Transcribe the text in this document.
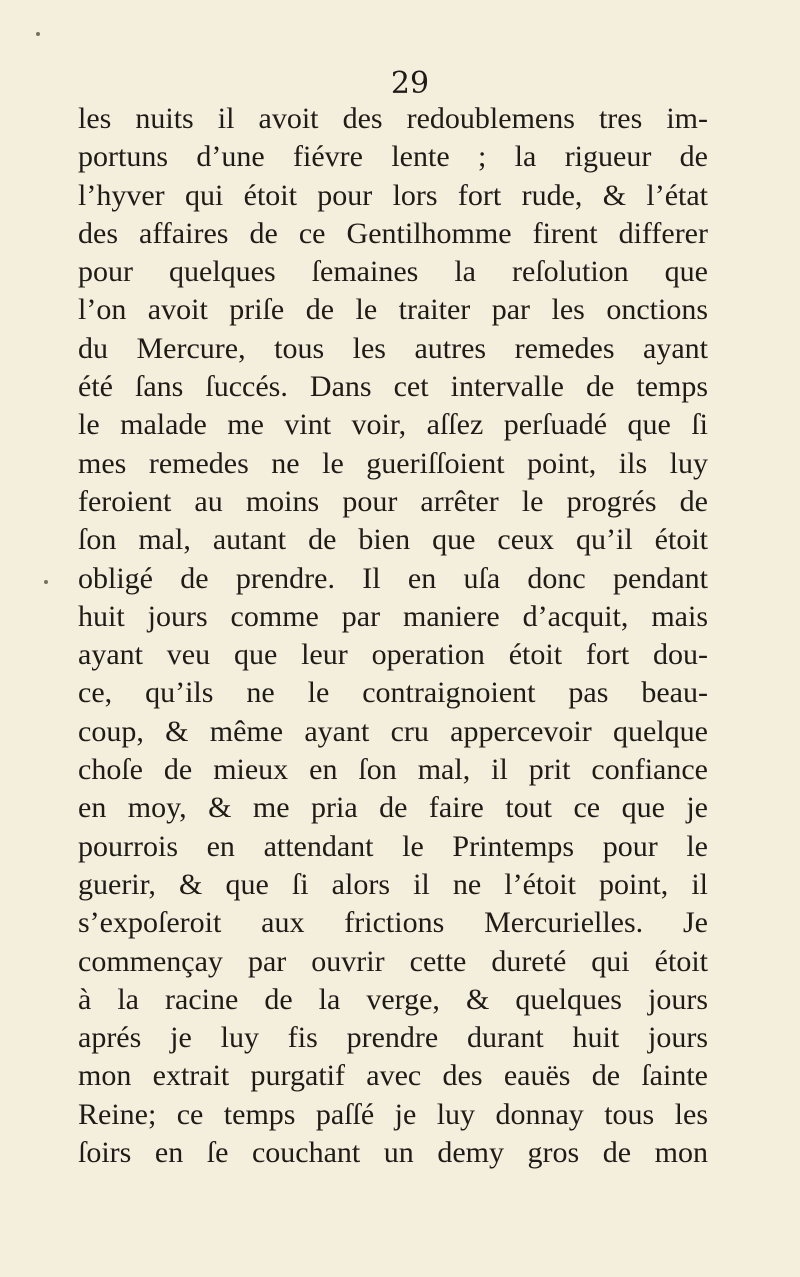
29
les nuits il avoit des redoublemens tres im-
portuns d’une fiévre lente ; la rigueur de
l’hyver qui étoit pour lors fort rude, & l’état
des affaires de ce Gentilhomme firent differer
pour quelques ſemaines la reſolution que
l’on avoit priſe de le traiter par les onctions
du Mercure, tous les autres remedes ayant
été ſans ſuccés. Dans cet intervalle de temps
le malade me vint voir, aſſez perſuadé que ſi
mes remedes ne le gueriſſoient point, ils luy
feroient au moins pour arrêter le progrés de
ſon mal, autant de bien que ceux qu’il étoit
obligé de prendre. Il en uſa donc pendant
huit jours comme par maniere d’acquit, mais
ayant veu que leur operation étoit fort dou-
ce, qu’ils ne le contraignoient pas beau-
coup, & même ayant cru appercevoir quelque
choſe de mieux en ſon mal, il prit confiance
en moy, & me pria de faire tout ce que je
pourrois en attendant le Printemps pour le
guerir, & que ſi alors il ne l’étoit point, il
s’expoſeroit aux frictions Mercurielles. Je
commençay par ouvrir cette dureté qui étoit
à la racine de la verge, & quelques jours
aprés je luy fis prendre durant huit jours
mon extrait purgatif avec des eauës de ſainte
Reine; ce temps paſſé je luy donnay tous les
ſoirs en ſe couchant un demy gros de mon
